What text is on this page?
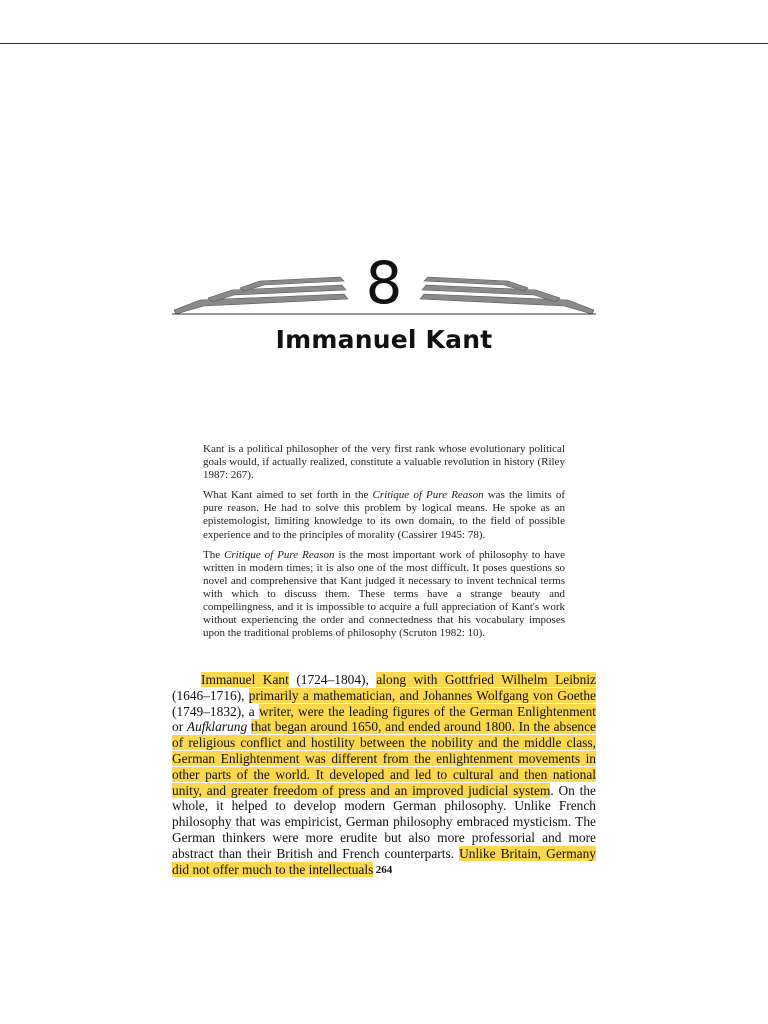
8
Immanuel Kant

Kant is a political philosopher of the very first rank whose evolutionary political goals would, if actually realized, constitute a valuable revolution in history (Riley 1987: 267).

What Kant aimed to set forth in the Critique of Pure Reason was the limits of pure reason. He had to solve this problem by logical means. He spoke as an epistemologist, limiting knowledge to its own domain, to the field of possible experience and to the principles of morality (Cassirer 1945: 78).

The Critique of Pure Reason is the most important work of philosophy to have written in modern times; it is also one of the most difficult. It poses questions so novel and comprehensive that Kant judged it necessary to invent technical terms with which to discuss them. These terms have a strange beauty and compellingness, and it is impossible to acquire a full appreciation of Kant's work without experiencing the order and connectedness that his vocabulary imposes upon the traditional problems of philosophy (Scruton 1982: 10).

Immanuel Kant (1724–1804), along with Gottfried Wilhelm Leibniz (1646–1716), primarily a mathematician, and Johannes Wolfgang von Goethe (1749–1832), a writer, were the leading figures of the German Enlightenment or Aufklarung that began around 1650, and ended around 1800. In the absence of religious conflict and hostility between the nobility and the middle class, German Enlightenment was different from the enlightenment movements in other parts of the world. It developed and led to cultural and then national unity, and greater freedom of press and an improved judicial system. On the whole, it helped to develop modern German philosophy. Unlike French philosophy that was empiricist, German philosophy embraced mysticism. The German thinkers were more erudite but also more professorial and more abstract than their British and French counterparts. Unlike Britain, Germany did not offer much to the intellectuals 264
